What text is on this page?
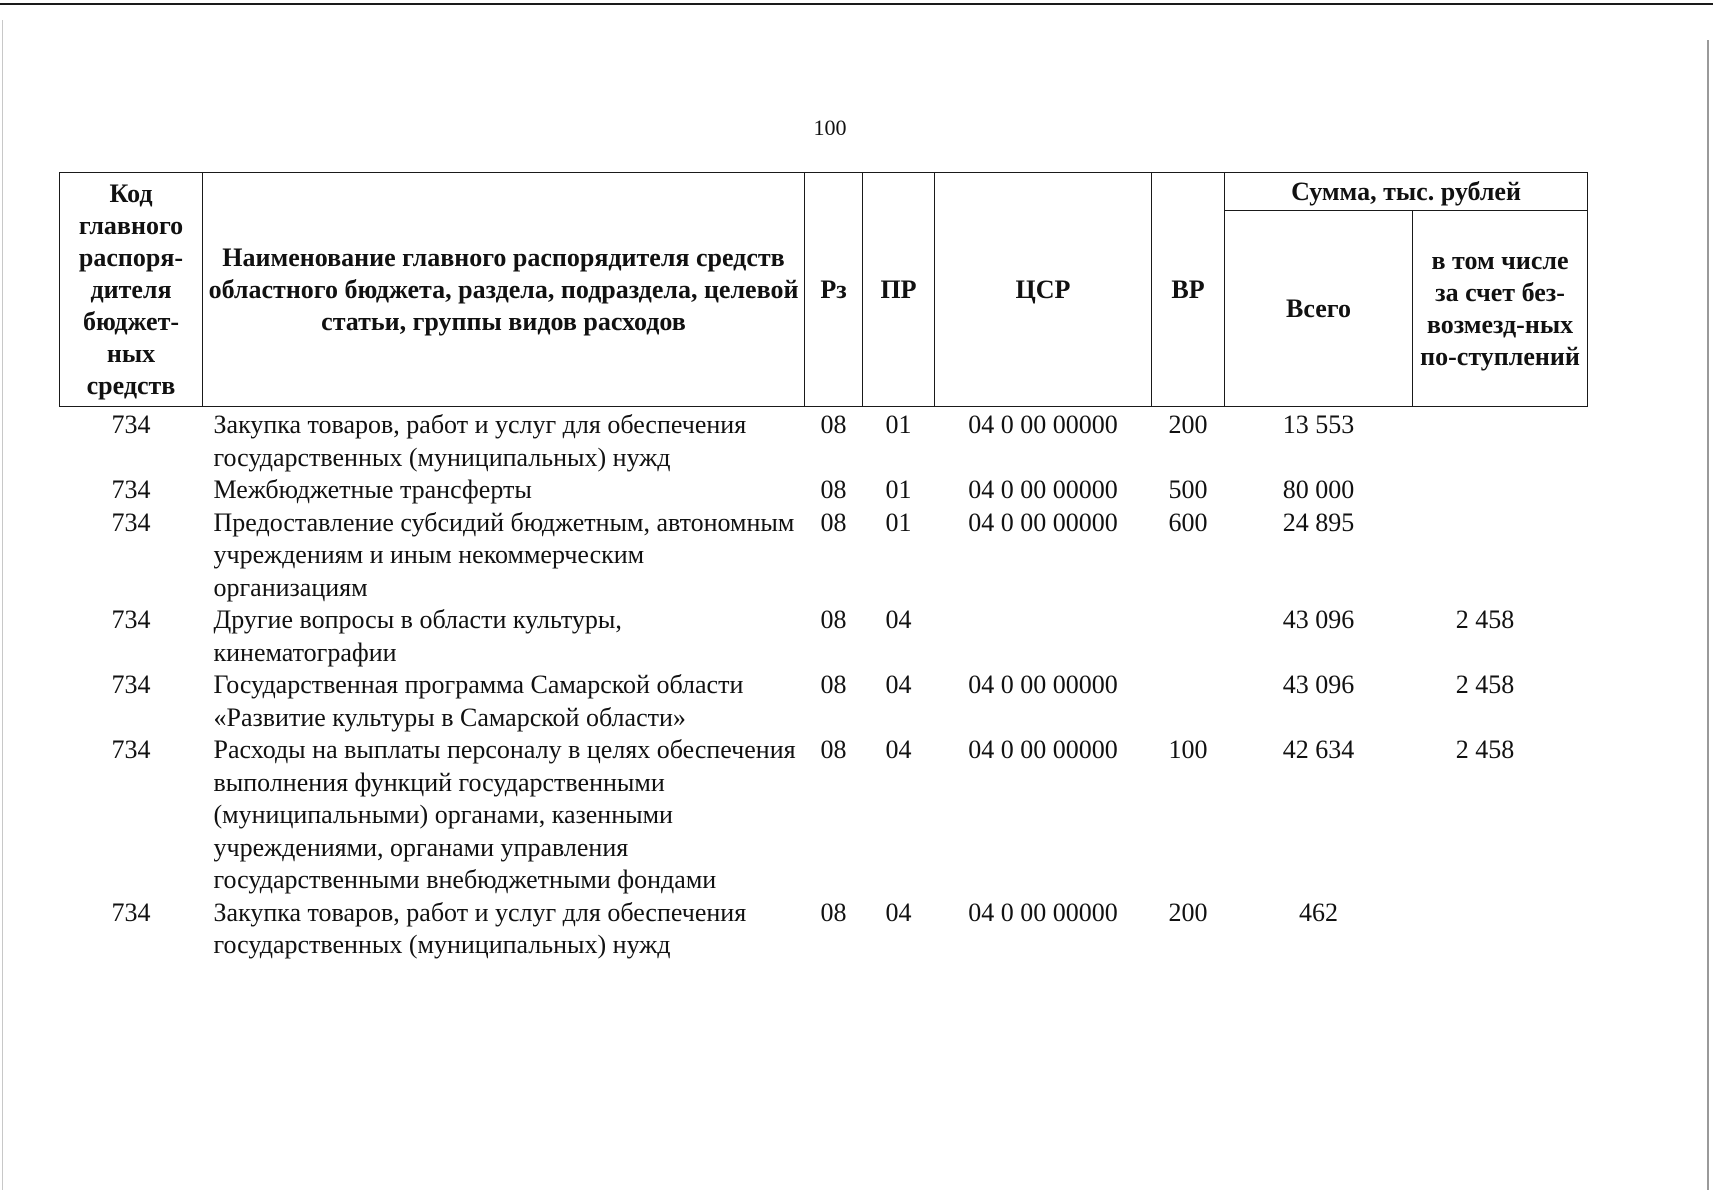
100
Код главного распоря-дителя бюджет-ных средств	Наименование главного распорядителя средств областного бюджета, раздела, подраздела, целевой статьи, группы видов расходов	Рз	ПР	ЦСР	ВР	Сумма, тыс. рублей	
						Всего	в том числе за счет без-возмезд-ных по-ступлений
734	Закупка товаров, работ и услуг для обеспечения государственных (муниципальных) нужд	08	01	04 0 00 00000	200	13 553	
734	Межбюджетные трансферты	08	01	04 0 00 00000	500	80 000	
734	Предоставление субсидий бюджетным, автономным учреждениям и иным некоммерческим организациям	08	01	04 0 00 00000	600	24 895	
734	Другие вопросы в области культуры, кинематографии	08	04			43 096	2 458
734	Государственная программа Самарской области «Развитие культуры в Самарской области»	08	04	04 0 00 00000		43 096	2 458
734	Расходы на выплаты персоналу в целях обеспечения выполнения функций государственными (муниципальными) органами, казенными учреждениями, органами управления государственными внебюджетными фондами	08	04	04 0 00 00000	100	42 634	2 458
734	Закупка товаров, работ и услуг для обеспечения государственных (муниципальных) нужд	08	04	04 0 00 00000	200	462	
